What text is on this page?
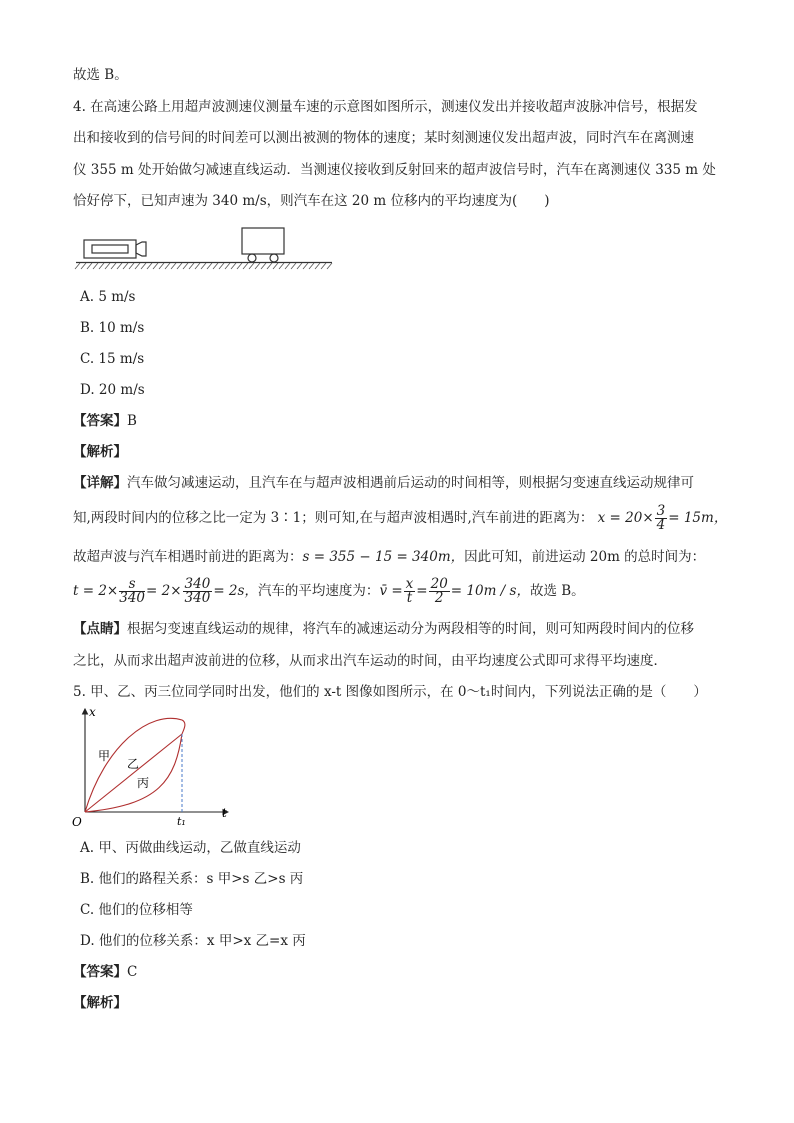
故选 B。
4. 在高速公路上用超声波测速仪测量车速的示意图如图所示，测速仪发出并接收超声波脉冲信号，根据发
出和接收到的信号间的时间差可以测出被测的物体的速度；某时刻测速仪发出超声波，同时汽车在离测速
仪 355 m 处开始做匀减速直线运动．当测速仪接收到反射回来的超声波信号时，汽车在离测速仪 335 m 处
恰好停下，已知声速为 340 m/s，则汽车在这 20 m 位移内的平均速度为(　　)
A. 5 m/s
B. 10 m/s
C. 15 m/s
D. 20 m/s
【答案】B
【解析】
【详解】汽车做匀减速运动，且汽车在与超声波相遇前后运动的时间相等，则根据匀变速直线运动规律可
知,两段时间内的位移之比一定为 3∶1；则可知,在与超声波相遇时,汽车前进的距离为： $x = 20\times \frac{3}{4} = 15m$，
故超声波与汽车相遇时前进的距离为：s = 355 − 15 = 340m，因此可知，前进运动 20m 的总时间为：
$t = 2\times \frac{s}{340} = 2\times \frac{340}{340} = 2s$，汽车的平均速度为：v̄ = $\frac{x}{t} = \frac{20}{2} = 10m / s$，故选 B。
【点睛】根据匀变速直线运动的规律，将汽车的减速运动分为两段相等的时间，则可知两段时间内的位移
之比，从而求出超声波前进的位移，从而求出汽车运动的时间，由平均速度公式即可求得平均速度．
5. 甲、乙、丙三位同学同时出发，他们的 x-t 图像如图所示，在 0～t₁时间内，下列说法正确的是（　　）
x
t
O	t₁
甲
乙
丙
A. 甲、丙做曲线运动，乙做直线运动
B. 他们的路程关系：s 甲>s 乙>s 丙
C. 他们的位移相等
D. 他们的位移关系：x 甲>x 乙=x 丙
【答案】C
【解析】
